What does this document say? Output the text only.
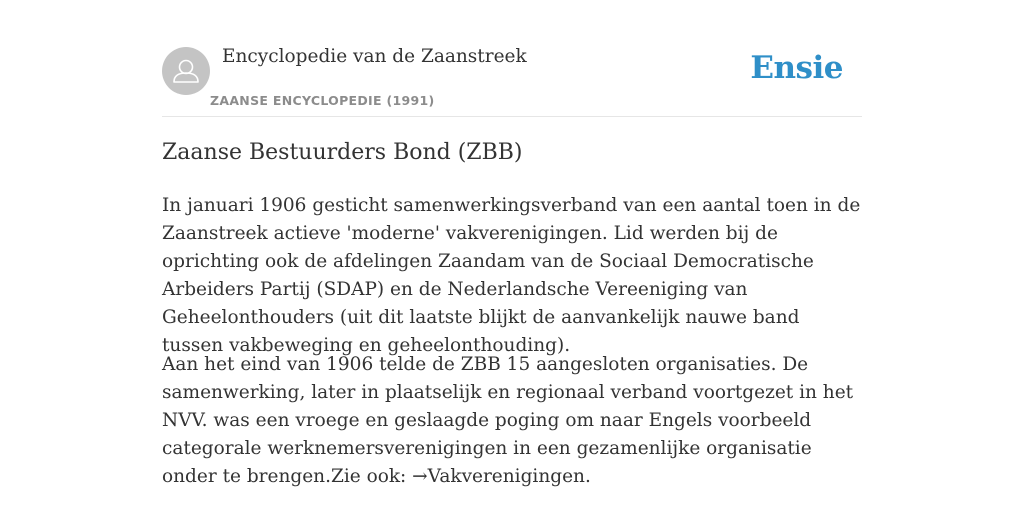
Encyclopedie van de Zaanstreek
ZAANSE ENCYCLOPEDIE (1991)
Ensie
Zaanse Bestuurders Bond (ZBB)

In januari 1906 gesticht samenwerkingsverband van een aantal toen in de Zaanstreek actieve 'moderne' vakverenigingen. Lid werden bij de oprichting ook de afdelingen Zaandam van de Sociaal Democratische Arbeiders Partij (SDAP) en de Nederlandsche Vereeniging van Geheelonthouders (uit dit laatste blijkt de aanvankelijk nauwe band tussen vakbeweging en geheelonthouding).

Aan het eind van 1906 telde de ZBB 15 aangesloten organisaties. De samenwerking, later in plaatselijk en regionaal verband voortgezet in het NVV. was een vroege en geslaagde poging om naar Engels voorbeeld categorale werknemersverenigingen in een gezamenlijke organisatie onder te brengen.Zie ook: →Vakverenigingen.
